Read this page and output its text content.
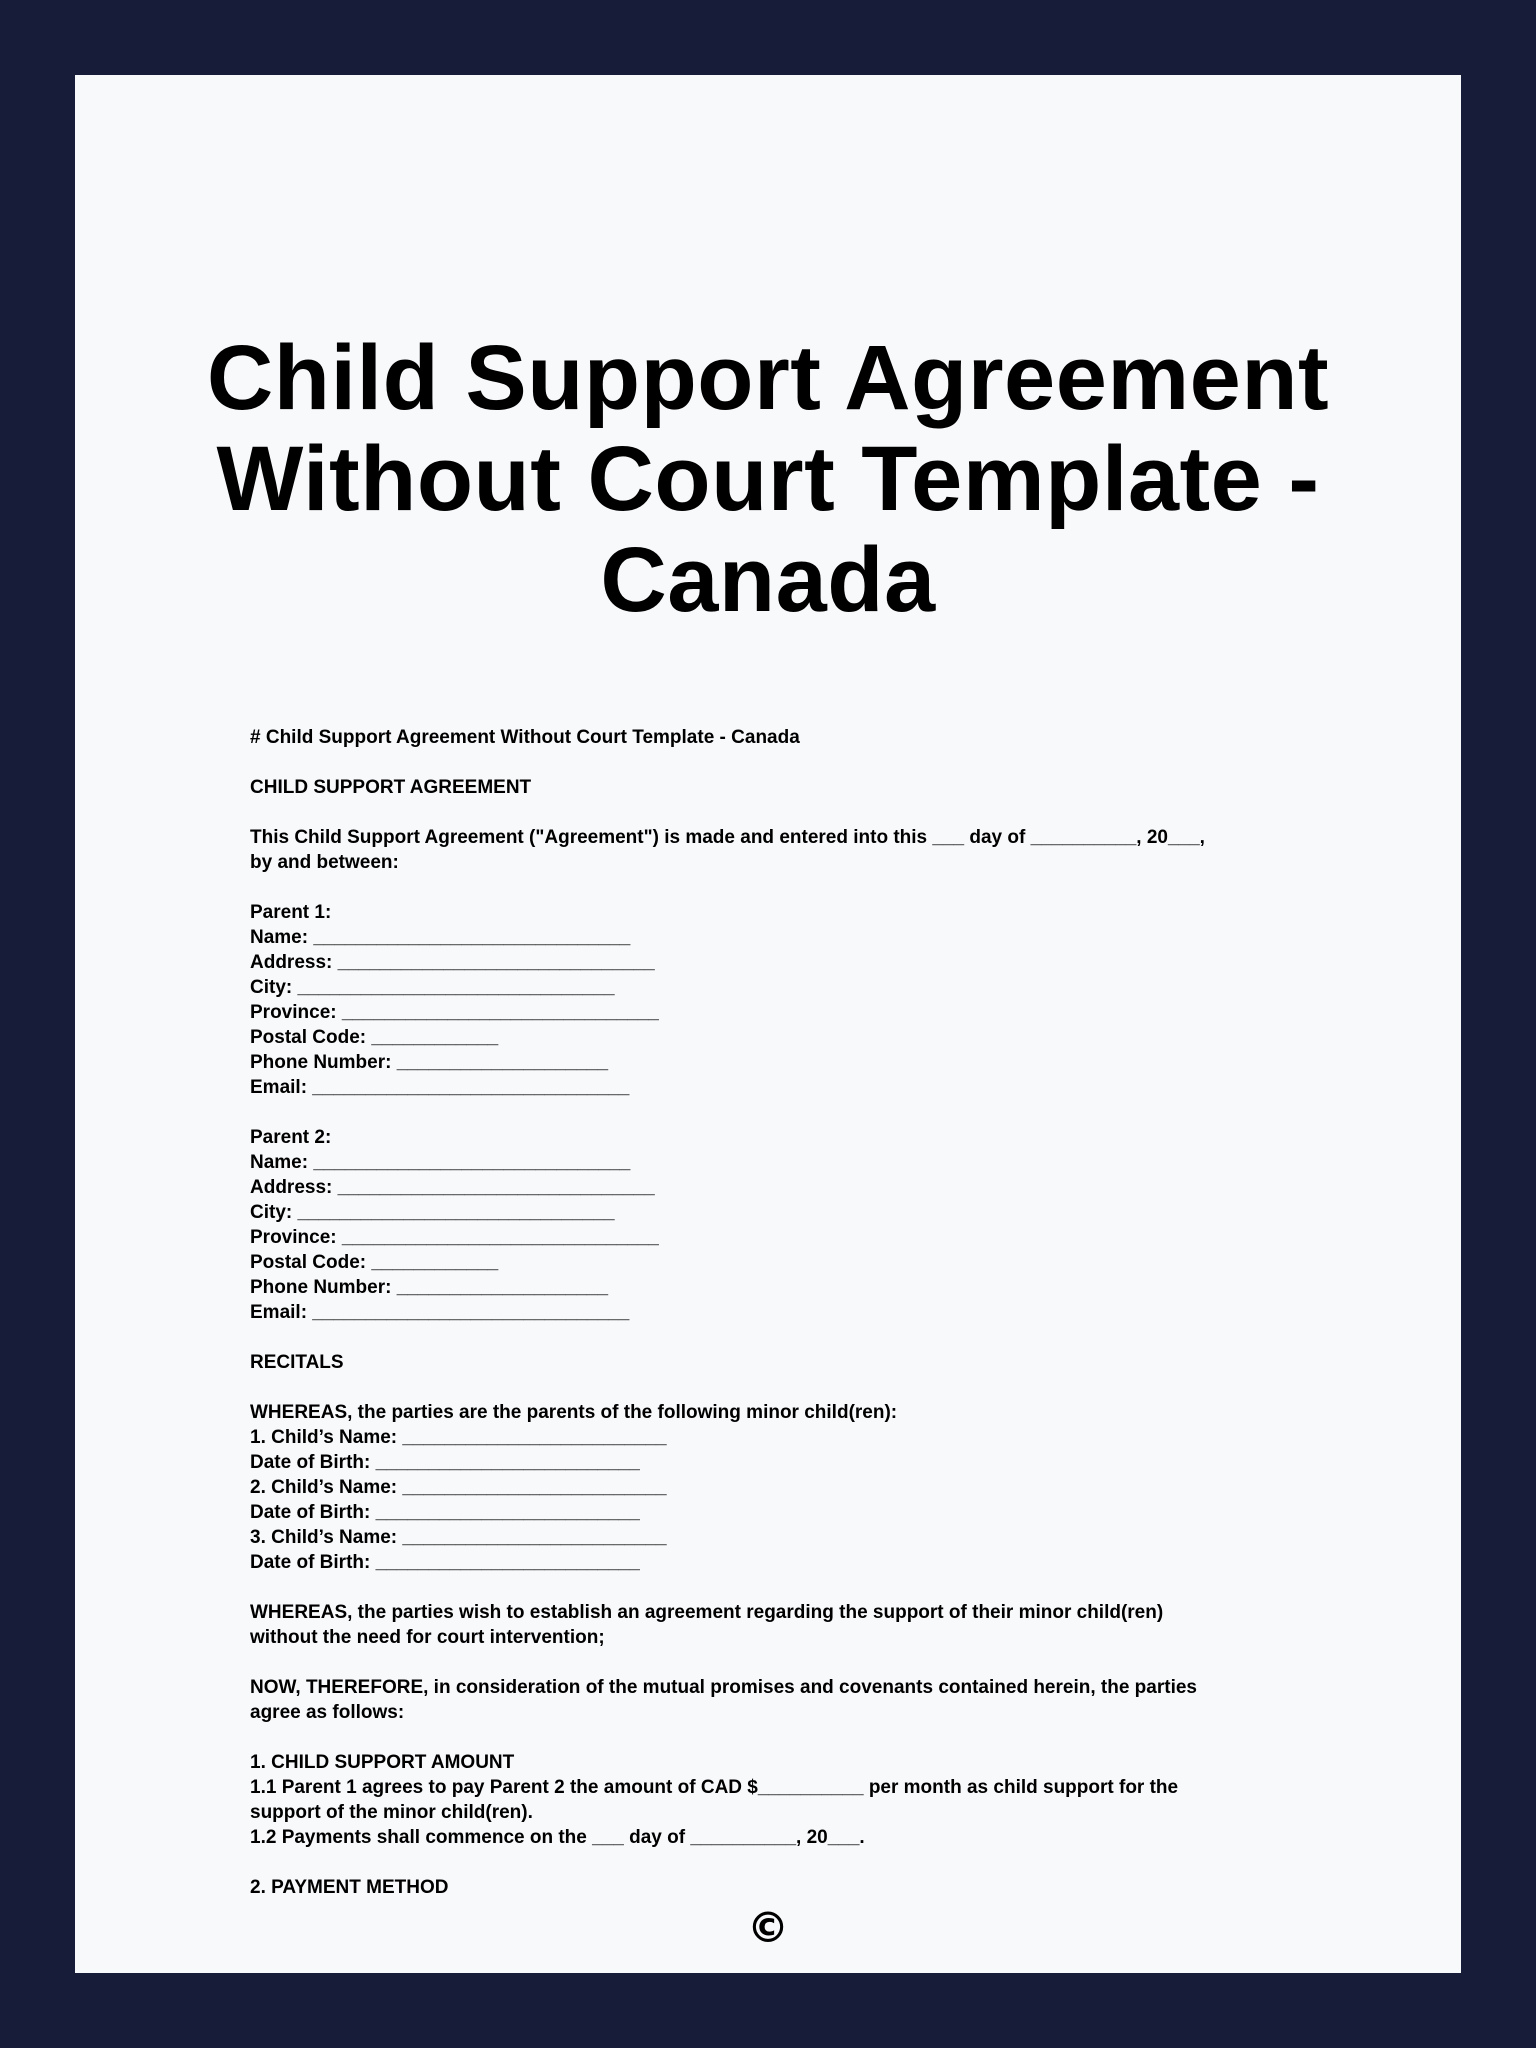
Child Support Agreement
Without Court Template -
Canada
# Child Support Agreement Without Court Template - Canada
CHILD SUPPORT AGREEMENT
This Child Support Agreement ("Agreement") is made and entered into this ___ day of __________, 20___,
by and between:
Parent 1:
Name: ______________________________
Address: ______________________________
City: ______________________________
Province: ______________________________
Postal Code: ____________
Phone Number: ____________________
Email: ______________________________
Parent 2:
Name: ______________________________
Address: ______________________________
City: ______________________________
Province: ______________________________
Postal Code: ____________
Phone Number: ____________________
Email: ______________________________
RECITALS
WHEREAS, the parties are the parents of the following minor child(ren):
1. Child’s Name: _________________________
Date of Birth: _________________________
2. Child’s Name: _________________________
Date of Birth: _________________________
3. Child’s Name: _________________________
Date of Birth: _________________________
WHEREAS, the parties wish to establish an agreement regarding the support of their minor child(ren)
without the need for court intervention;
NOW, THEREFORE, in consideration of the mutual promises and covenants contained herein, the parties
agree as follows:
1. CHILD SUPPORT AMOUNT
1.1 Parent 1 agrees to pay Parent 2 the amount of CAD $__________ per month as child support for the
support of the minor child(ren).
1.2 Payments shall commence on the ___ day of __________, 20___.
2. PAYMENT METHOD
©
